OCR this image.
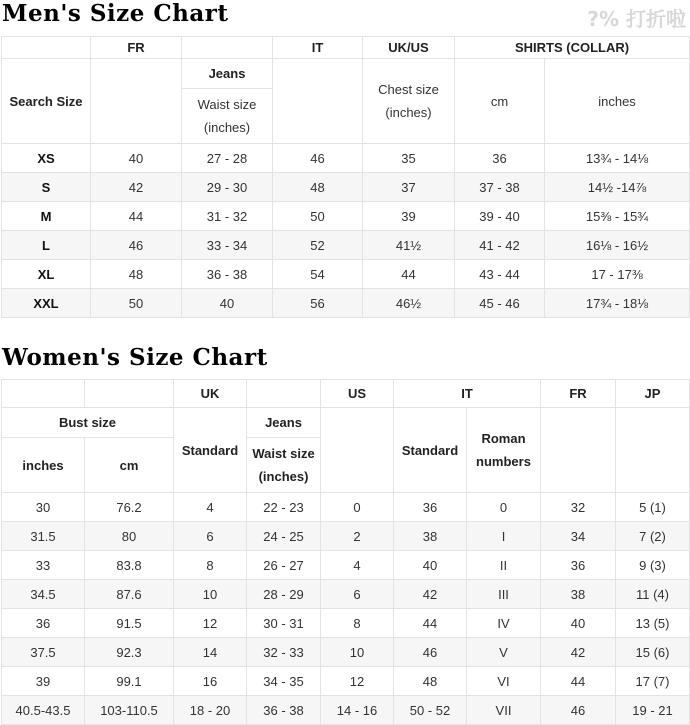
Men's Size Chart	?% 打折啦
	FR		IT	UK/US	SHIRTS (COLLAR)	
Search Size		Jeans		Chest size (inches)	cm	inches
		Waist size (inches)				
XS	40	27 - 28	46	35	36	13¾ - 14⅛
S	42	29 - 30	48	37	37 - 38	14½ -14⅞
M	44	31 - 32	50	39	39 - 40	15⅜ - 15¾
L	46	33 - 34	52	41½	41 - 42	16⅛ - 16½
XL	48	36 - 38	54	44	43 - 44	17 - 17⅜
XXL	50	40	56	46½	45 - 46	17¾ - 18⅛
Women's Size Chart
		UK		US	IT		FR	JP
Bust size		Standard	Jeans		Standard	Roman numbers		
inches	cm		Waist size (inches)					
30	76.2	4	22 - 23	0	36	0	32	5 (1)
31.5	80	6	24 - 25	2	38	I	34	7 (2)
33	83.8	8	26 - 27	4	40	II	36	9 (3)
34.5	87.6	10	28 - 29	6	42	III	38	11 (4)
36	91.5	12	30 - 31	8	44	IV	40	13 (5)
37.5	92.3	14	32 - 33	10	46	V	42	15 (6)
39	99.1	16	34 - 35	12	48	VI	44	17 (7)
40.5-43.5	103-110.5	18 - 20	36 - 38	14 - 16	50 - 52	VII	46	19 - 21
